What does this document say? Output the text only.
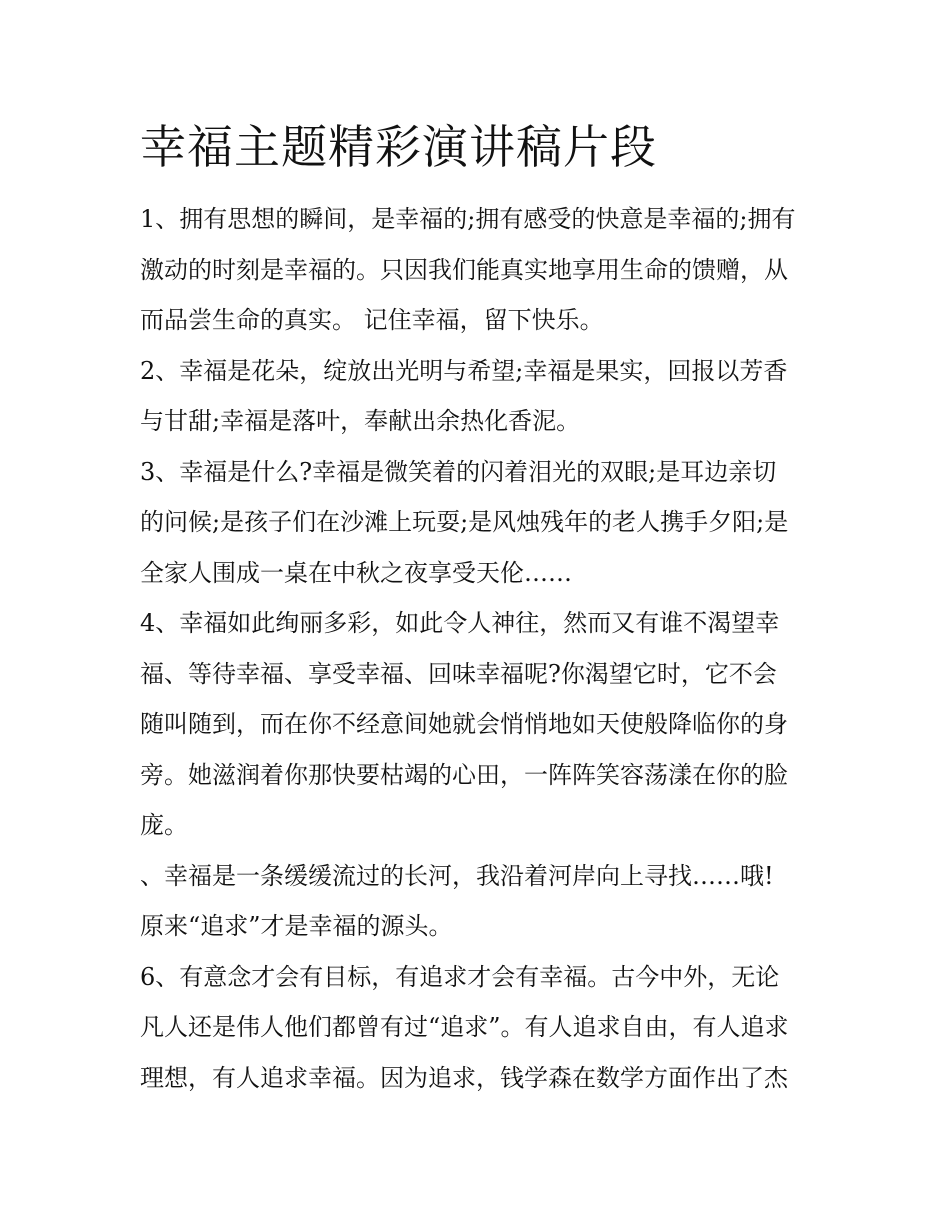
幸福主题精彩演讲稿片段
1、拥有思想的瞬间，是幸福的;拥有感受的快意是幸福的;拥有
激动的时刻是幸福的。只因我们能真实地享用生命的馈赠，从
而品尝生命的真实。 记住幸福，留下快乐。
2、幸福是花朵，绽放出光明与希望;幸福是果实，回报以芳香
与甘甜;幸福是落叶，奉献出余热化香泥。
3、幸福是什么?幸福是微笑着的闪着泪光的双眼;是耳边亲切
的问候;是孩子们在沙滩上玩耍;是风烛残年的老人携手夕阳;是
全家人围成一桌在中秋之夜享受天伦……
4、幸福如此绚丽多彩，如此令人神往，然而又有谁不渴望幸
福、等待幸福、享受幸福、回味幸福呢?你渴望它时，它不会
随叫随到，而在你不经意间她就会悄悄地如天使般降临你的身
旁。她滋润着你那快要枯竭的心田，一阵阵笑容荡漾在你的脸
庞。
、幸福是一条缓缓流过的长河，我沿着河岸向上寻找……哦!
原来“追求”才是幸福的源头。
6、有意念才会有目标，有追求才会有幸福。古今中外，无论
凡人还是伟人他们都曾有过“追求”。有人追求自由，有人追求
理想，有人追求幸福。因为追求，钱学森在数学方面作出了杰
